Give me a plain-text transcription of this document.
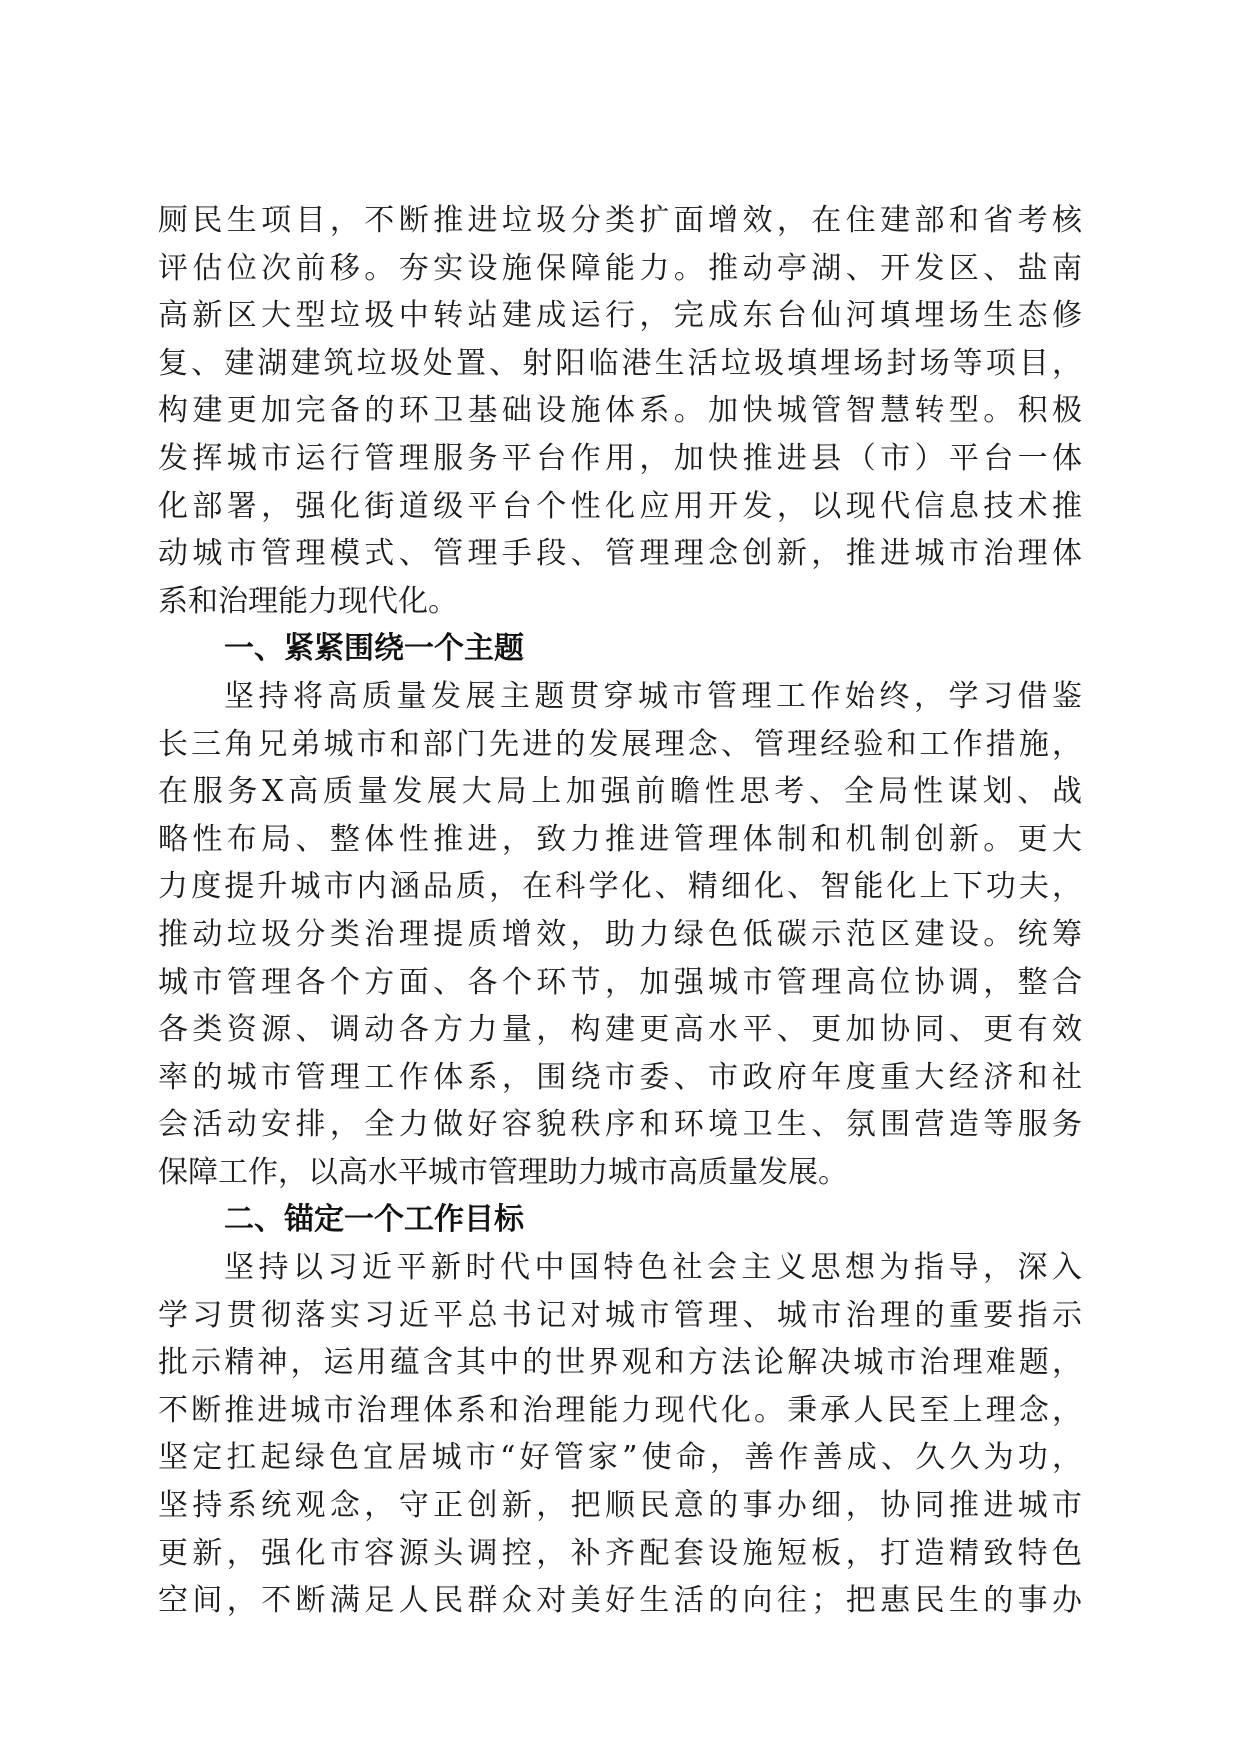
厕民生项目，不断推进垃圾分类扩面增效，在住建部和省考核
评估位次前移。夯实设施保障能力。推动亭湖、开发区、盐南
高新区大型垃圾中转站建成运行，完成东台仙河填埋场生态修
复、建湖建筑垃圾处置、射阳临港生活垃圾填埋场封场等项目，
构建更加完备的环卫基础设施体系。加快城管智慧转型。积极
发挥城市运行管理服务平台作用，加快推进县（市）平台一体
化部署，强化街道级平台个性化应用开发，以现代信息技术推
动城市管理模式、管理手段、管理理念创新，推进城市治理体
系和治理能力现代化。
一、紧紧围绕一个主题
坚持将高质量发展主题贯穿城市管理工作始终，学习借鉴
长三角兄弟城市和部门先进的发展理念、管理经验和工作措施，
在服务X高质量发展大局上加强前瞻性思考、全局性谋划、战
略性布局、整体性推进，致力推进管理体制和机制创新。更大
力度提升城市内涵品质，在科学化、精细化、智能化上下功夫，
推动垃圾分类治理提质增效，助力绿色低碳示范区建设。统筹
城市管理各个方面、各个环节，加强城市管理高位协调，整合
各类资源、调动各方力量，构建更高水平、更加协同、更有效
率的城市管理工作体系，围绕市委、市政府年度重大经济和社
会活动安排，全力做好容貌秩序和环境卫生、氛围营造等服务
保障工作，以高水平城市管理助力城市高质量发展。
二、锚定一个工作目标
坚持以习近平新时代中国特色社会主义思想为指导，深入
学习贯彻落实习近平总书记对城市管理、城市治理的重要指示
批示精神，运用蕴含其中的世界观和方法论解决城市治理难题，
不断推进城市治理体系和治理能力现代化。秉承人民至上理念，
坚定扛起绿色宜居城市“好管家”使命，善作善成、久久为功，
坚持系统观念，守正创新，把顺民意的事办细，协同推进城市
更新，强化市容源头调控，补齐配套设施短板，打造精致特色
空间，不断满足人民群众对美好生活的向往；把惠民生的事办
